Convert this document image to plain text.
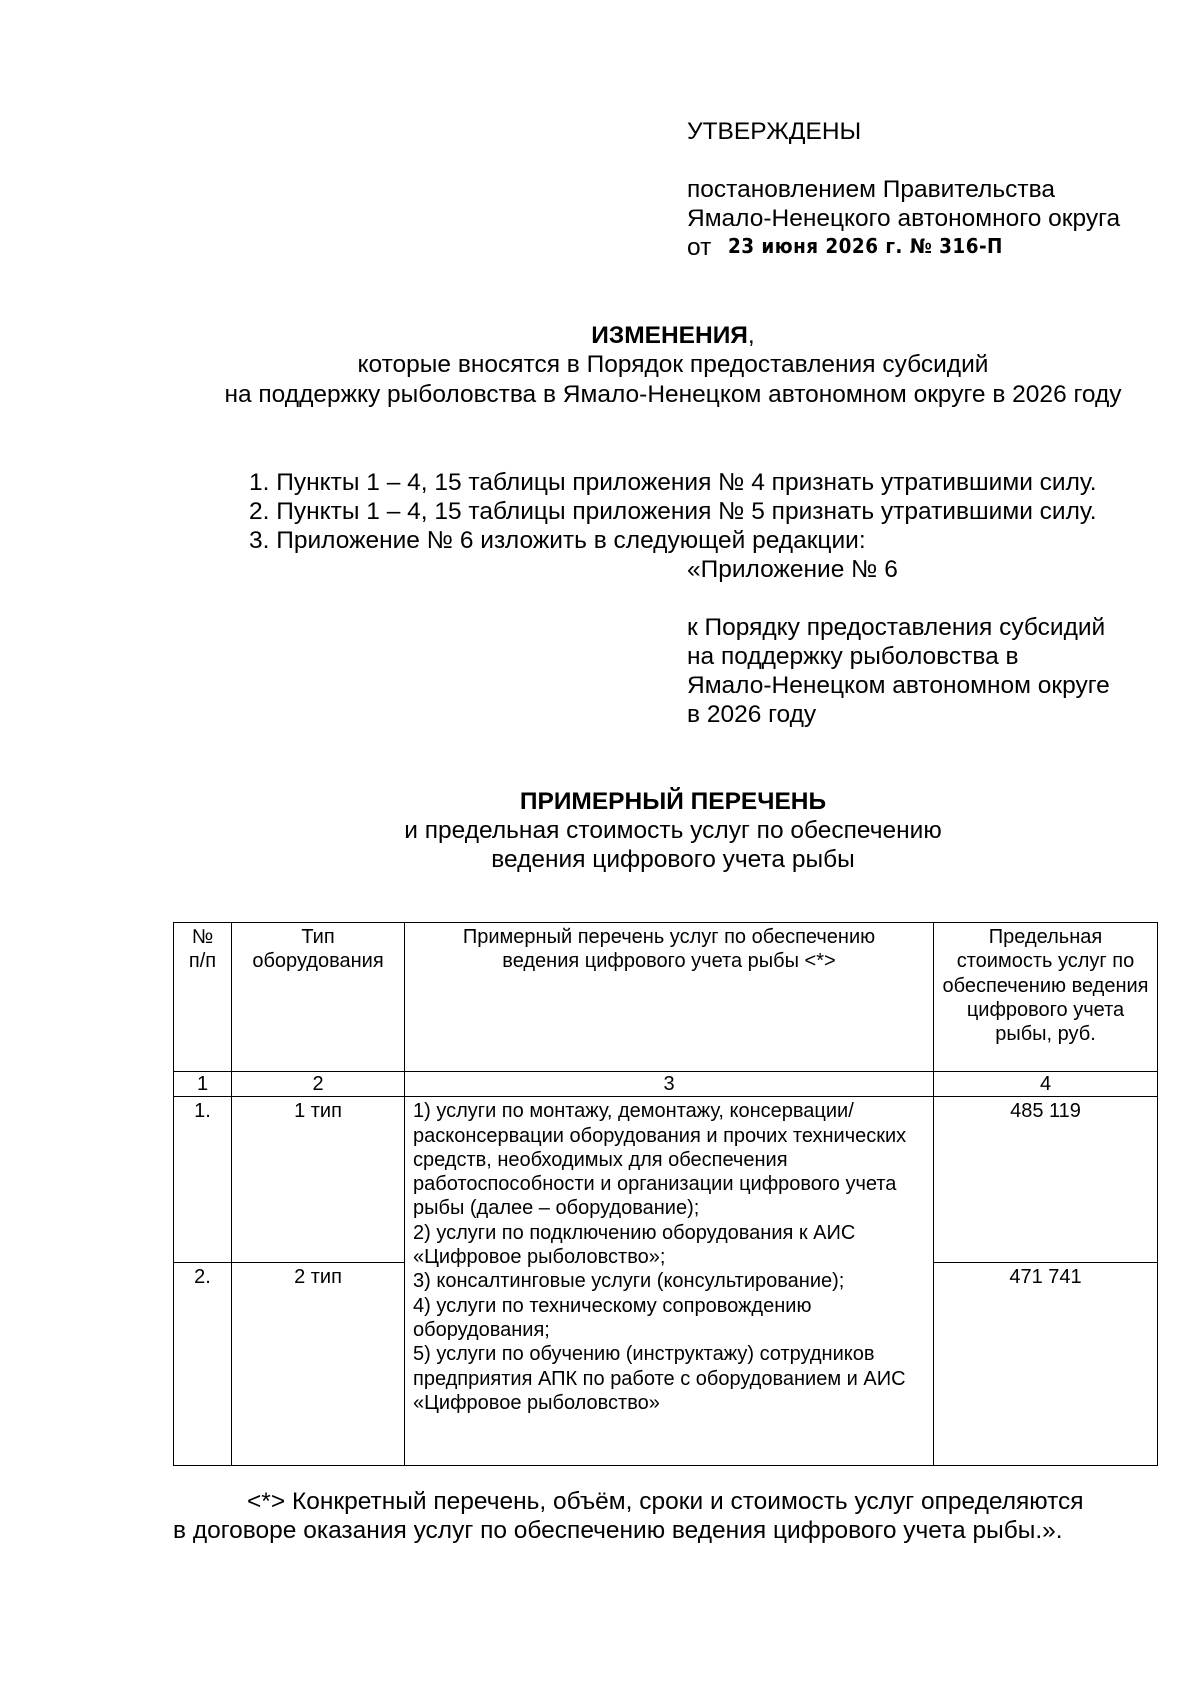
УТВЕРЖДЕНЫ
постановлением Правительства
Ямало-Ненецкого автономного округа
от 23 июня 2026 г. № 316-П
ИЗМЕНЕНИЯ,
которые вносятся в Порядок предоставления субсидий
на поддержку рыболовства в Ямало-Ненецком автономном округе в 2026 году
1. Пункты 1 – 4, 15 таблицы приложения № 4 признать утратившими силу.
2. Пункты 1 – 4, 15 таблицы приложения № 5 признать утратившими силу.
3. Приложение № 6 изложить в следующей редакции:
«Приложение № 6
к Порядку предоставления субсидий
на поддержку рыболовства в
Ямало-Ненецком автономном округе
в 2026 году
ПРИМЕРНЫЙ ПЕРЕЧЕНЬ
и предельная стоимость услуг по обеспечению
ведения цифрового учета рыбы
№ п/п	Тип оборудования	Примерный перечень услуг по обеспечению ведения цифрового учета рыбы <*>	Предельная стоимость услуг по обеспечению ведения цифрового учета рыбы, руб.
1	2	3	4
1.	1 тип	1) услуги по монтажу, демонтажу, консервации/расконсервации оборудования и прочих технических средств, необходимых для обеспечения работоспособности и организации цифрового учета рыбы (далее – оборудование);
2) услуги по подключению оборудования к АИС «Цифровое рыболовство»;
3) консалтинговые услуги (консультирование);
4) услуги по техническому сопровождению оборудования;
5) услуги по обучению (инструктажу) сотрудников предприятия АПК по работе с оборудованием и АИС «Цифровое рыболовство»	485 119
2.	2 тип		471 741
<*> Конкретный перечень, объём, сроки и стоимость услуг определяются
в договоре оказания услуг по обеспечению ведения цифрового учета рыбы.».
